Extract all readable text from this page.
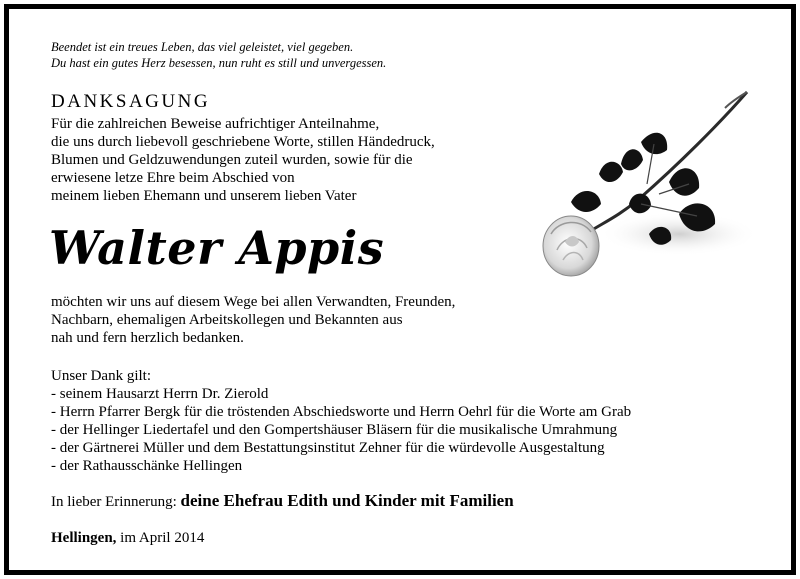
Beendet ist ein treues Leben, das viel geleistet, viel gegeben.
Du hast ein gutes Herz besessen, nun ruht es still und unvergessen.
DANKSAGUNG
Für die zahlreichen Beweise aufrichtiger Anteilnahme,
die uns durch liebevoll geschriebene Worte, stillen Händedruck,
Blumen und Geldzuwendungen zuteil wurden, sowie für die
erwiesene letze Ehre beim Abschied von
meinem lieben Ehemann und unserem lieben Vater
Walter Appis
möchten wir uns auf diesem Wege bei allen Verwandten, Freunden,
Nachbarn, ehemaligen Arbeitskollegen und Bekannten aus
nah und fern herzlich bedanken.
Unser Dank gilt:
- seinem Hausarzt Herrn Dr. Zierold
- Herrn Pfarrer Bergk für die tröstenden Abschiedsworte und Herrn Oehrl für die Worte am Grab
- der Hellinger Liedertafel und den Gompertshäuser Bläsern für die musikalische Umrahmung
- der Gärtnerei Müller und dem Bestattungsinstitut Zehner für die würdevolle Ausgestaltung
- der Rathausschänke Hellingen
In lieber Erinnerung: deine Ehefrau Edith und Kinder mit Familien
Hellingen, im April 2014
